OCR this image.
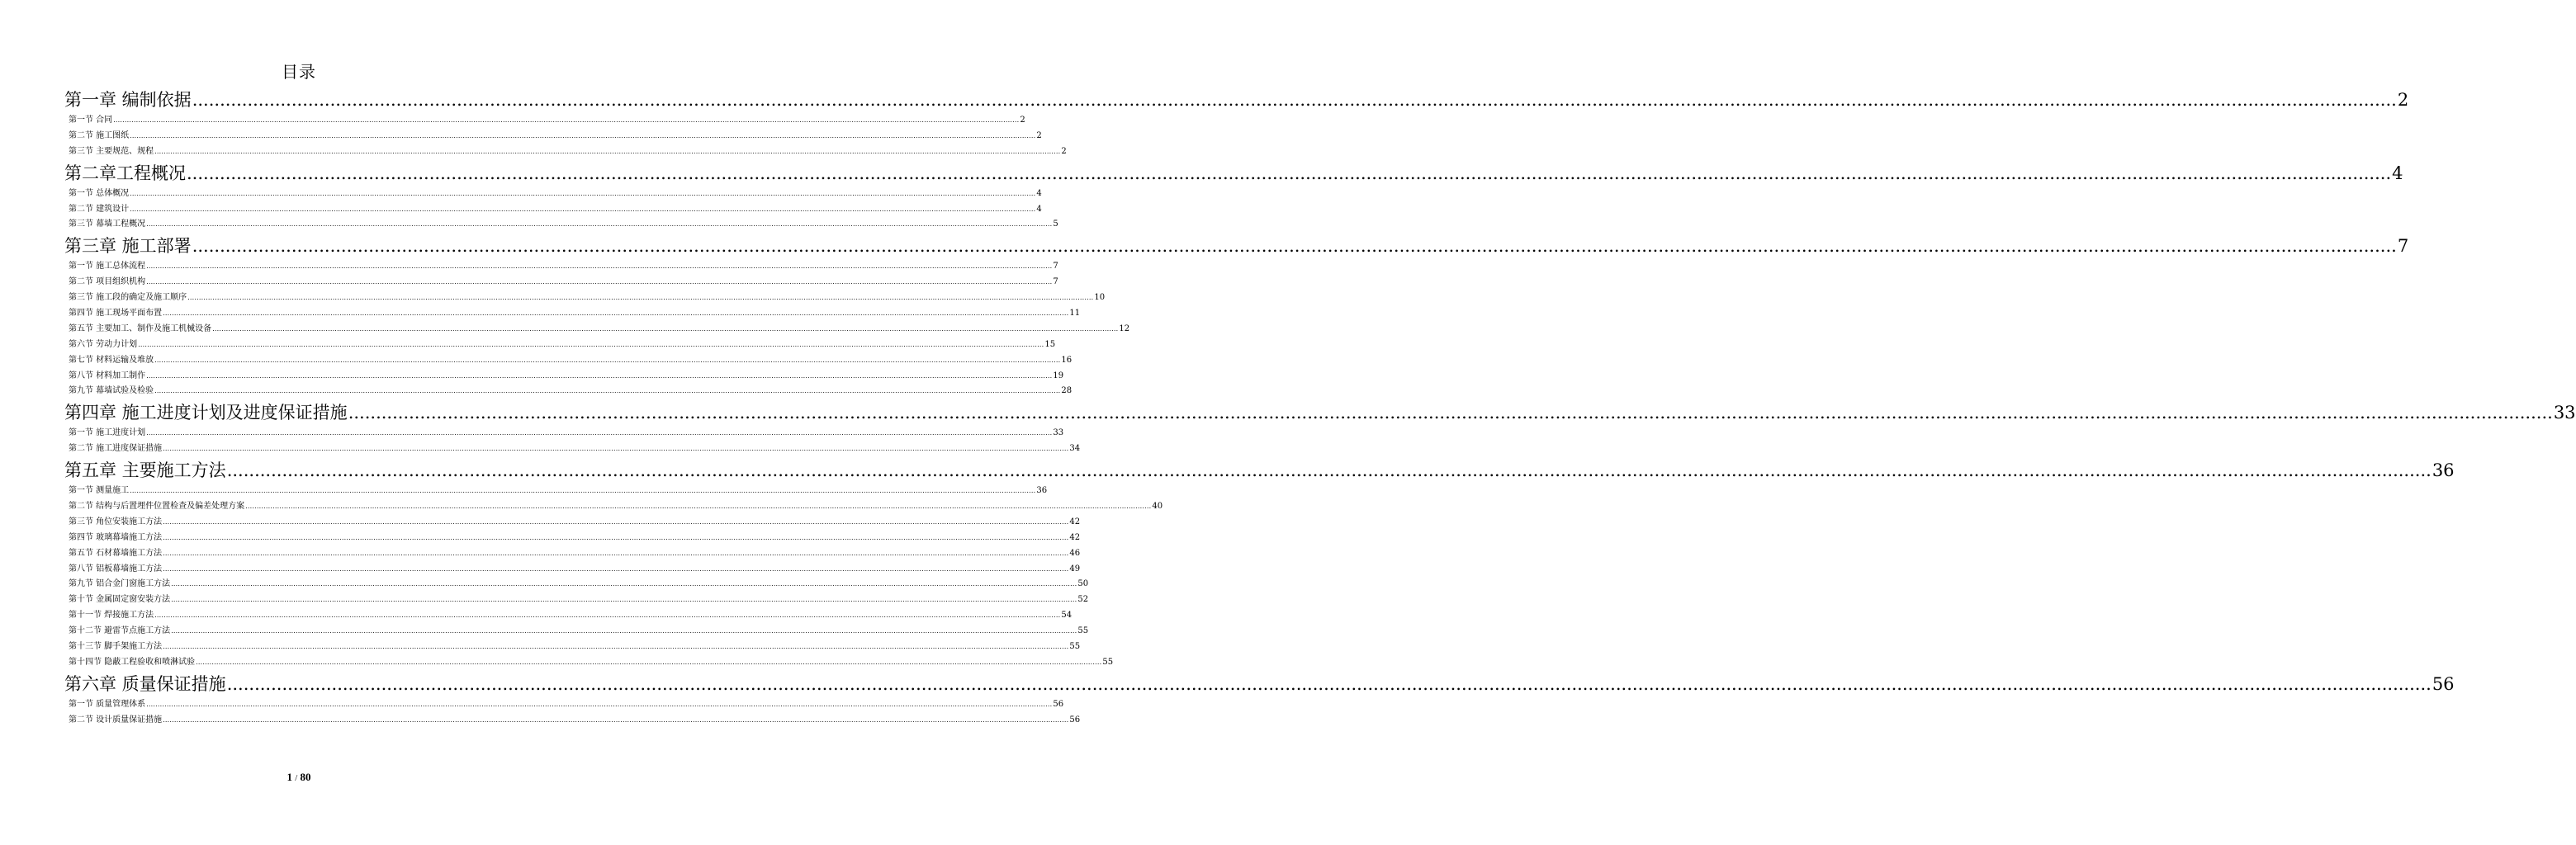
目录
第一章 编制依据 ................................................................................................................................................................................................................................................................................................................................................................................................................ 2
第一节 合同 ................................................................................................................................................................................................................................................................................................................................................................................................................ 2
第二节 施工图纸 ................................................................................................................................................................................................................................................................................................................................................................................................................ 2
第三节 主要规范、规程 ................................................................................................................................................................................................................................................................................................................................................................................................................ 2
第二章工程概况 ................................................................................................................................................................................................................................................................................................................................................................................................................ 4
第一节 总体概况 ................................................................................................................................................................................................................................................................................................................................................................................................................ 4
第二节 建筑设计 ................................................................................................................................................................................................................................................................................................................................................................................................................ 4
第三节 幕墙工程概况 ................................................................................................................................................................................................................................................................................................................................................................................................................ 5
第三章 施工部署 ................................................................................................................................................................................................................................................................................................................................................................................................................ 7
第一节 施工总体流程 ................................................................................................................................................................................................................................................................................................................................................................................................................ 7
第二节 项目组织机构 ................................................................................................................................................................................................................................................................................................................................................................................................................ 7
第三节 施工段的确定及施工顺序 ................................................................................................................................................................................................................................................................................................................................................................................................................ 10
第四节 施工现场平面布置 ................................................................................................................................................................................................................................................................................................................................................................................................................ 11
第五节 主要加工、制作及施工机械设备 ................................................................................................................................................................................................................................................................................................................................................................................................................ 12
第六节 劳动力计划 ................................................................................................................................................................................................................................................................................................................................................................................................................ 15
第七节 材料运输及堆放 ................................................................................................................................................................................................................................................................................................................................................................................................................ 16
第八节 材料加工制作 ................................................................................................................................................................................................................................................................................................................................................................................................................ 19
第九节 幕墙试验及检验 ................................................................................................................................................................................................................................................................................................................................................................................................................ 28
第四章 施工进度计划及进度保证措施 ................................................................................................................................................................................................................................................................................................................................................................................................................ 33
第一节 施工进度计划 ................................................................................................................................................................................................................................................................................................................................................................................................................ 33
第二节 施工进度保证措施 ................................................................................................................................................................................................................................................................................................................................................................................................................ 34
第五章 主要施工方法 ................................................................................................................................................................................................................................................................................................................................................................................................................ 36
第一节 测量施工 ................................................................................................................................................................................................................................................................................................................................................................................................................ 36
第二节 结构与后置埋件位置检查及偏差处理方案 ................................................................................................................................................................................................................................................................................................................................................................................................................ 40
第三节 角位安装施工方法 ................................................................................................................................................................................................................................................................................................................................................................................................................ 42
第四节 玻璃幕墙施工方法 ................................................................................................................................................................................................................................................................................................................................................................................................................ 42
第五节 石材幕墙施工方法 ................................................................................................................................................................................................................................................................................................................................................................................................................ 46
第八节 铝板幕墙施工方法 ................................................................................................................................................................................................................................................................................................................................................................................................................ 49
第九节 铝合金门窗施工方法 ................................................................................................................................................................................................................................................................................................................................................................................................................ 50
第十节 金属固定窗安装方法 ................................................................................................................................................................................................................................................................................................................................................................................................................ 52
第十一节 焊接施工方法 ................................................................................................................................................................................................................................................................................................................................................................................................................ 54
第十二节 避雷节点施工方法 ................................................................................................................................................................................................................................................................................................................................................................................................................ 55
第十三节 脚手架施工方法 ................................................................................................................................................................................................................................................................................................................................................................................................................ 55
第十四节 隐蔽工程验收和喷淋试验 ................................................................................................................................................................................................................................................................................................................................................................................................................ 55
第六章 质量保证措施 ................................................................................................................................................................................................................................................................................................................................................................................................................ 56
第一节 质量管理体系 ................................................................................................................................................................................................................................................................................................................................................................................................................ 56
第二节 设计质量保证措施 ................................................................................................................................................................................................................................................................................................................................................................................................................ 56
1 / 80
